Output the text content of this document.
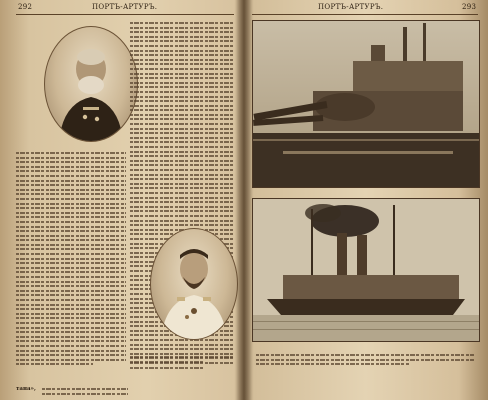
292	ПОРТЪ-АРТУРЪ.
тана»,
ПОРТЪ-АРТУРЪ.	293
